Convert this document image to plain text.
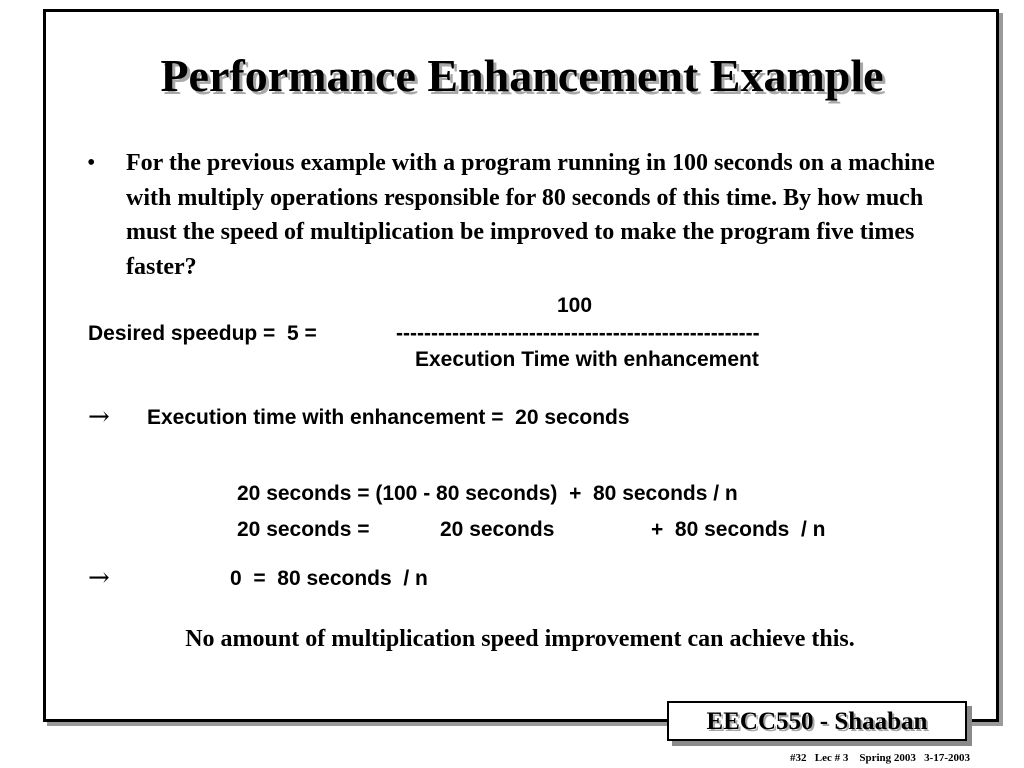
Performance Enhancement Example
• For the previous example with a program running in 100 seconds on a machine with multiply operations responsible for 80 seconds of this time. By how much must the speed of multiplication be improved to make the program five times faster?
100
Desired speedup =  5 =	----------------------------------------------------
Execution Time with enhancement
→ Execution time with enhancement =  20 seconds
20 seconds = (100 - 80 seconds)  +  80 seconds / n
20 seconds =	20 seconds	+  80 seconds  / n
→	0  =  80 seconds  / n
No amount of multiplication speed improvement can achieve this.
EECC550 - Shaaban
#32   Lec # 3    Spring 2003   3-17-2003
